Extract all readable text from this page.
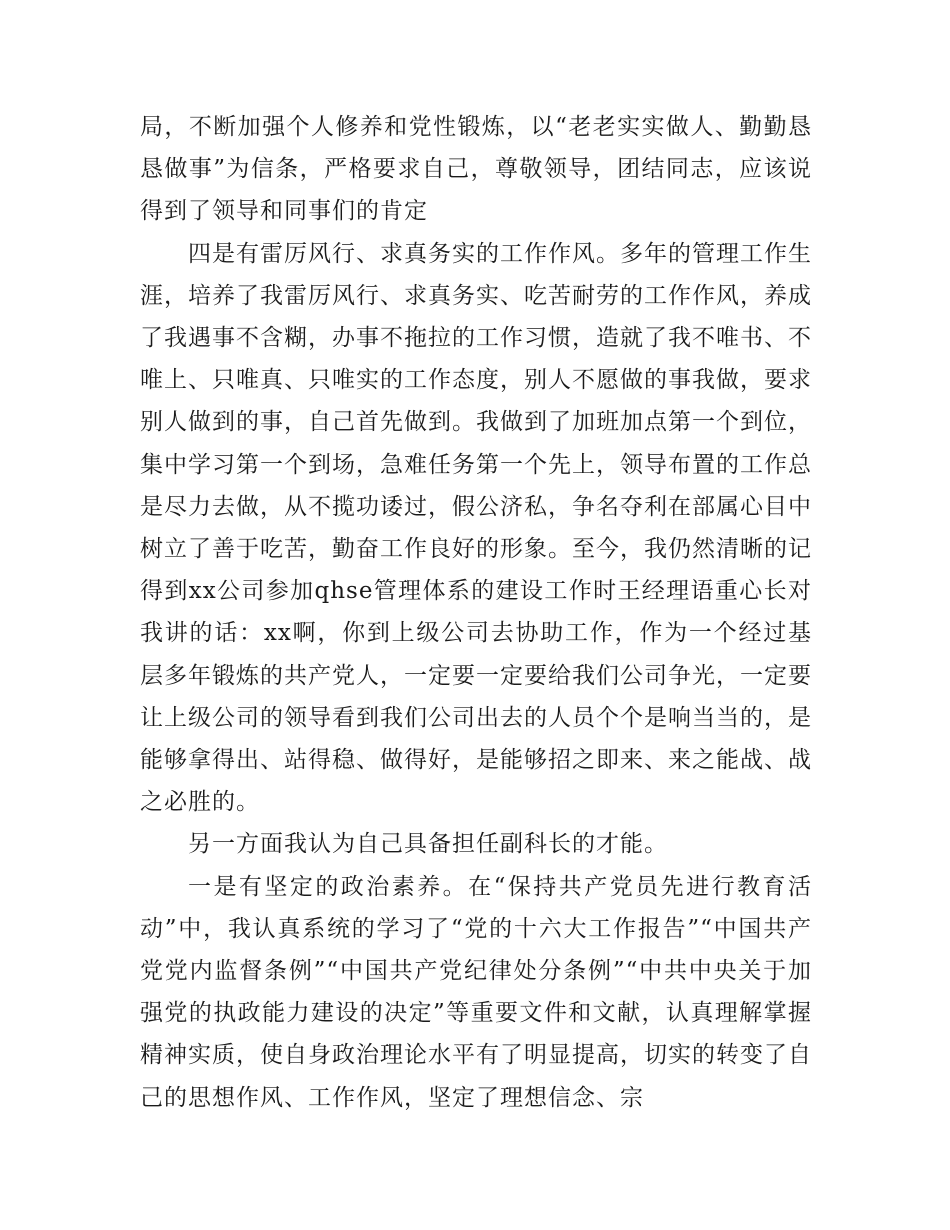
局，不断加强个人修养和党性锻炼，以“老老实实做人、勤勤恳恳做事”为信条，严格要求自己，尊敬领导，团结同志，应该说得到了领导和同事们的肯定

四是有雷厉风行、求真务实的工作作风。多年的管理工作生涯，培养了我雷厉风行、求真务实、吃苦耐劳的工作作风，养成了我遇事不含糊，办事不拖拉的工作习惯，造就了我不唯书、不唯上、只唯真、只唯实的工作态度，别人不愿做的事我做，要求别人做到的事，自己首先做到。我做到了加班加点第一个到位，集中学习第一个到场，急难任务第一个先上，领导布置的工作总是尽力去做，从不揽功诿过，假公济私，争名夺利在部属心目中树立了善于吃苦，勤奋工作良好的形象。至今，我仍然清晰的记得到xx公司参加qhse管理体系的建设工作时王经理语重心长对我讲的话：xx啊，你到上级公司去协助工作，作为一个经过基层多年锻炼的共产党人，一定要一定要给我们公司争光，一定要让上级公司的领导看到我们公司出去的人员个个是响当当的，是能够拿得出、站得稳、做得好，是能够招之即来、来之能战、战之必胜的。

另一方面我认为自己具备担任副科长的才能。

一是有坚定的政治素养。在“保持共产党员先进行教育活动”中，我认真系统的学习了“党的十六大工作报告”“中国共产党党内监督条例”“中国共产党纪律处分条例”“中共中央关于加强党的执政能力建设的决定”等重要文件和文献，认真理解掌握精神实质，使自身政治理论水平有了明显提高，切实的转变了自己的思想作风、工作作风，坚定了理想信念、宗
